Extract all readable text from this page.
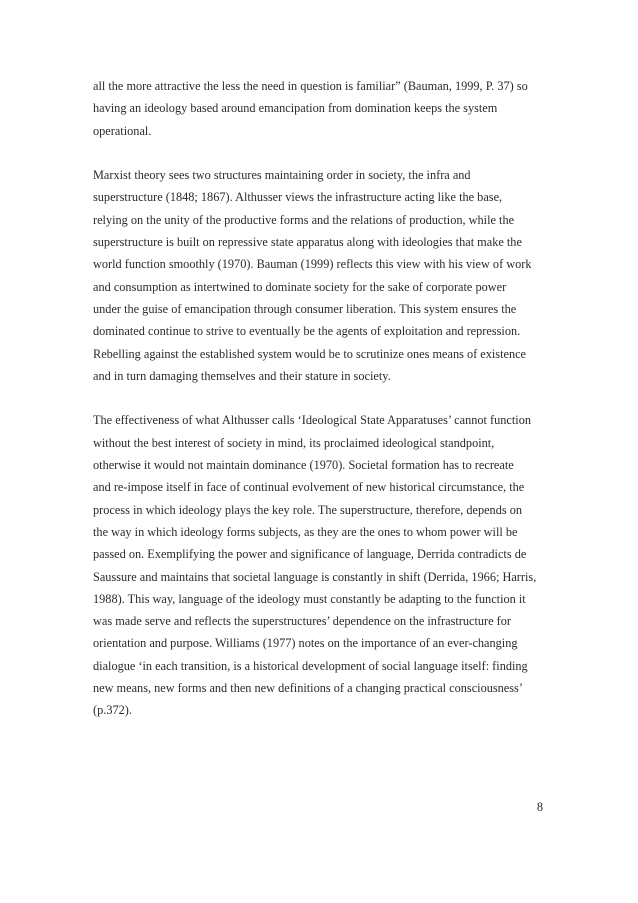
all the more attractive the less the need in question is familiar” (Bauman, 1999, P. 37) so
having an ideology based around emancipation from domination keeps the system
operational.

Marxist theory sees two structures maintaining order in society, the infra and
superstructure (1848; 1867). Althusser views the infrastructure acting like the base,
relying on the unity of the productive forms and the relations of production, while the
superstructure is built on repressive state apparatus along with ideologies that make the
world function smoothly (1970). Bauman (1999) reflects this view with his view of work
and consumption as intertwined to dominate society for the sake of corporate power
under the guise of emancipation through consumer liberation. This system ensures the
dominated continue to strive to eventually be the agents of exploitation and repression.
Rebelling against the established system would be to scrutinize ones means of existence
and in turn damaging themselves and their stature in society.

The effectiveness of what Althusser calls ‘Ideological State Apparatuses’ cannot function
without the best interest of society in mind, its proclaimed ideological standpoint,
otherwise it would not maintain dominance (1970). Societal formation has to recreate
and re-impose itself in face of continual evolvement of new historical circumstance, the
process in which ideology plays the key role. The superstructure, therefore, depends on
the way in which ideology forms subjects, as they are the ones to whom power will be
passed on. Exemplifying the power and significance of language, Derrida contradicts de
Saussure and maintains that societal language is constantly in shift (Derrida, 1966; Harris,
1988). This way, language of the ideology must constantly be adapting to the function it
was made serve and reflects the superstructures’ dependence on the infrastructure for
orientation and purpose. Williams (1977) notes on the importance of an ever-changing
dialogue ‘in each transition, is a historical development of social language itself: finding
new means, new forms and then new definitions of a changing practical consciousness’
(p.372).

8
